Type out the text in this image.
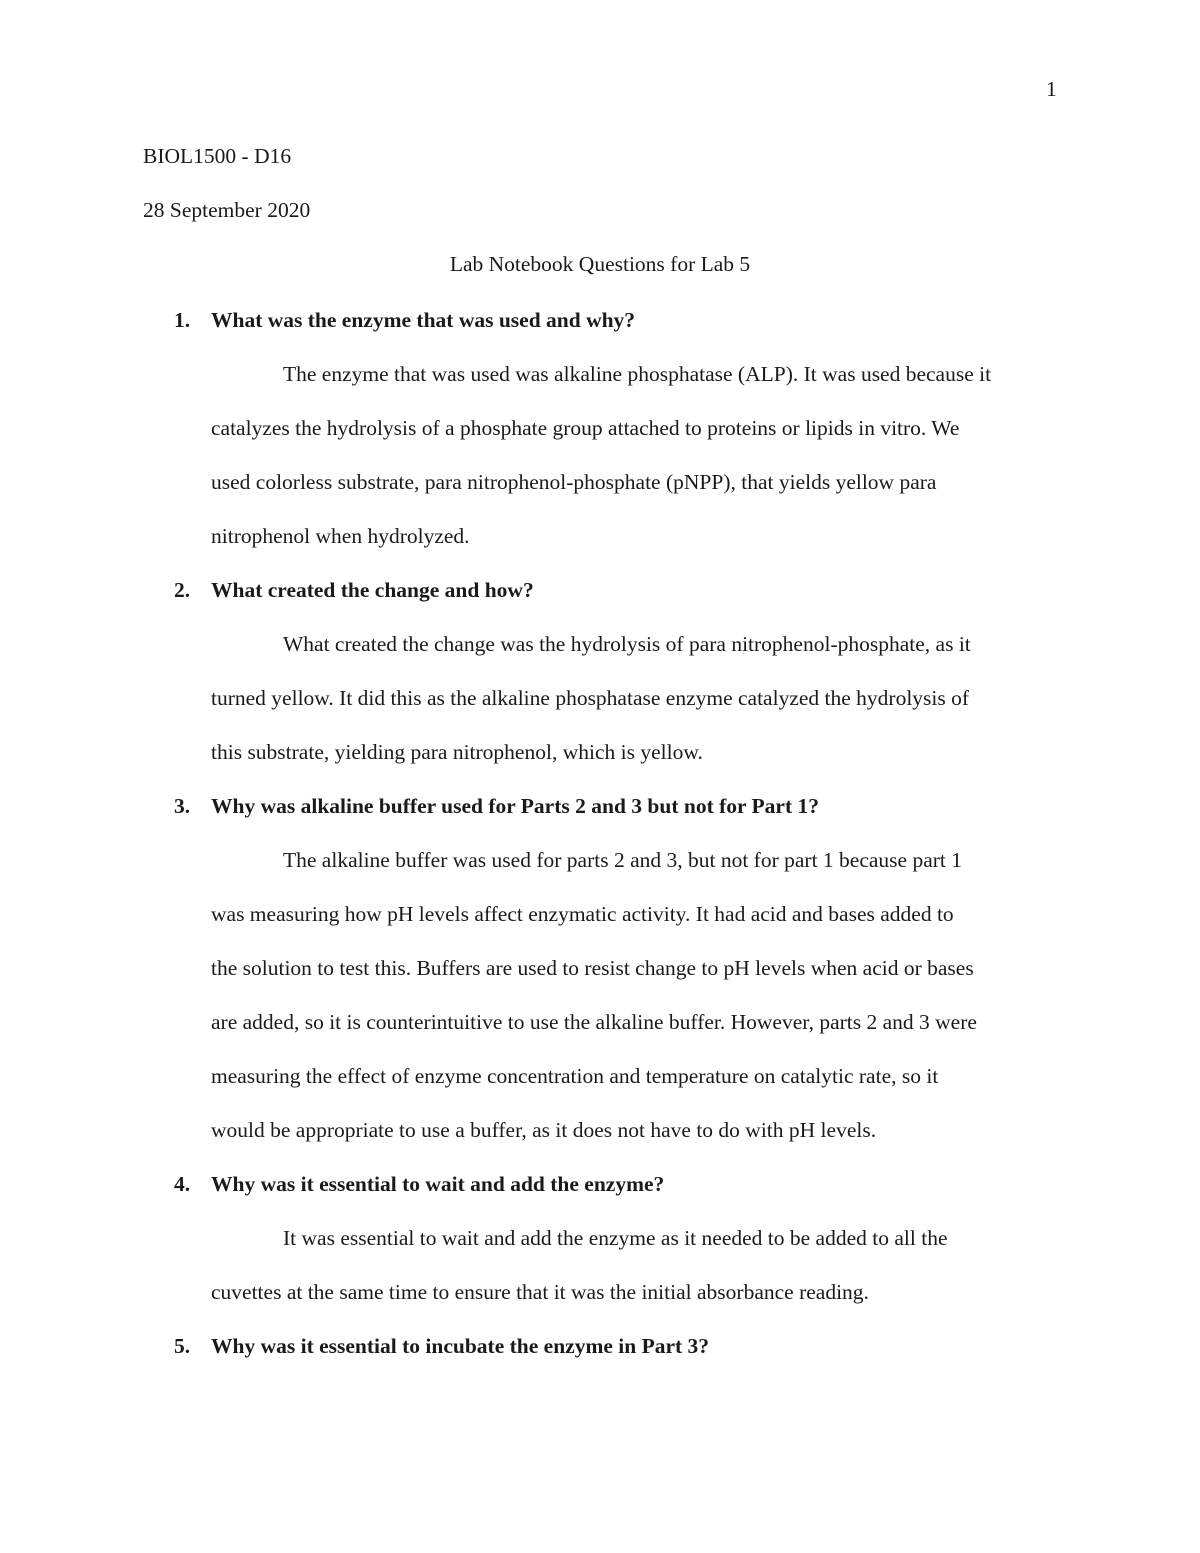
1

BIOL1500 - D16

28 September 2020

Lab Notebook Questions for Lab 5

1. What was the enzyme that was used and why?

The enzyme that was used was alkaline phosphatase (ALP). It was used because it

catalyzes the hydrolysis of a phosphate group attached to proteins or lipids in vitro. We

used colorless substrate, para nitrophenol-phosphate (pNPP), that yields yellow para

nitrophenol when hydrolyzed.

2. What created the change and how?

What created the change was the hydrolysis of para nitrophenol-phosphate, as it

turned yellow. It did this as the alkaline phosphatase enzyme catalyzed the hydrolysis of

this substrate, yielding para nitrophenol, which is yellow.

3. Why was alkaline buffer used for Parts 2 and 3 but not for Part 1?

The alkaline buffer was used for parts 2 and 3, but not for part 1 because part 1

was measuring how pH levels affect enzymatic activity. It had acid and bases added to

the solution to test this. Buffers are used to resist change to pH levels when acid or bases

are added, so it is counterintuitive to use the alkaline buffer. However, parts 2 and 3 were

measuring the effect of enzyme concentration and temperature on catalytic rate, so it

would be appropriate to use a buffer, as it does not have to do with pH levels.

4. Why was it essential to wait and add the enzyme?

It was essential to wait and add the enzyme as it needed to be added to all the

cuvettes at the same time to ensure that it was the initial absorbance reading.

5. Why was it essential to incubate the enzyme in Part 3?
